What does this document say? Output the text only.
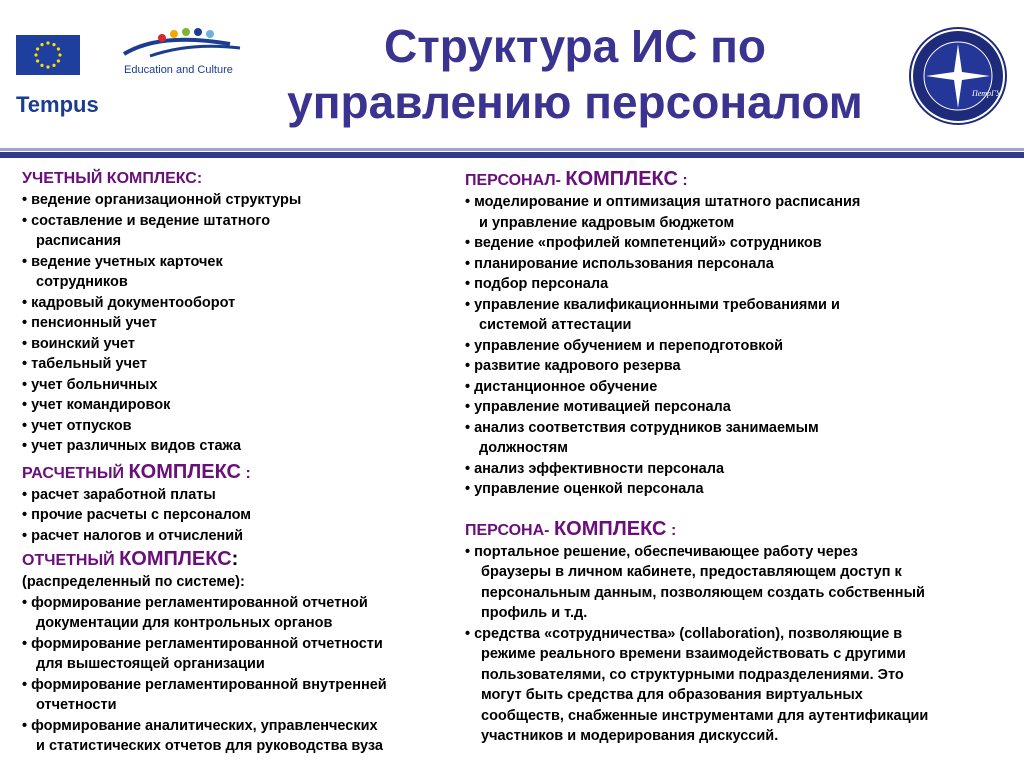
Education and Culture
Tempus
Структура ИС по
управлению персоналом	ПетрГУ
УЧЕТНЫЙ КОМПЛЕКС:
• ведение организационной структуры
• составление и ведение штатного
расписания
• ведение учетных карточек
сотрудников
• кадровый документооборот
• пенсионный учет
• воинский учет
• табельный учет
• учет больничных
• учет командировок
• учет отпусков
• учет различных видов стажа
РАСЧЕТНЫЙ КОМПЛЕКС :
• расчет заработной платы
• прочие расчеты с персоналом
• расчет налогов и отчислений
ОТЧЕТНЫЙ КОМПЛЕКС:
(распределенный по системе):
• формирование регламентированной отчетной
документации для контрольных органов
• формирование регламентированной отчетности
для вышестоящей организации
• формирование регламентированной внутренней
отчетности
• формирование аналитических, управленческих
и статистических отчетов для руководства вуза
ПЕРСОНАЛ- КОМПЛЕКС :
• моделирование и оптимизация штатного расписания
и управление кадровым бюджетом
• ведение «профилей компетенций» сотрудников
• планирование использования персонала
• подбор персонала
• управление квалификационными требованиями и
системой аттестации
• управление обучением и переподготовкой
• развитие кадрового резерва
• дистанционное обучение
• управление мотивацией персонала
• анализ соответствия сотрудников занимаемым
должностям
• анализ эффективности персонала
• управление оценкой персонала
ПЕРСОНА- КОМПЛЕКС :
• портальное решение, обеспечивающее работу через
браузеры в личном кабинете, предоставляющем доступ к
персональным данным, позволяющем создать собственный
профиль и т.д.
• средства «сотрудничества» (collaboration), позволяющие в
режиме реального времени взаимодействовать с другими
пользователями, со структурными подразделениями. Это
могут быть средства для образования виртуальных
сообществ, снабженные инструментами для аутентификации
участников и модерирования дискуссий.
